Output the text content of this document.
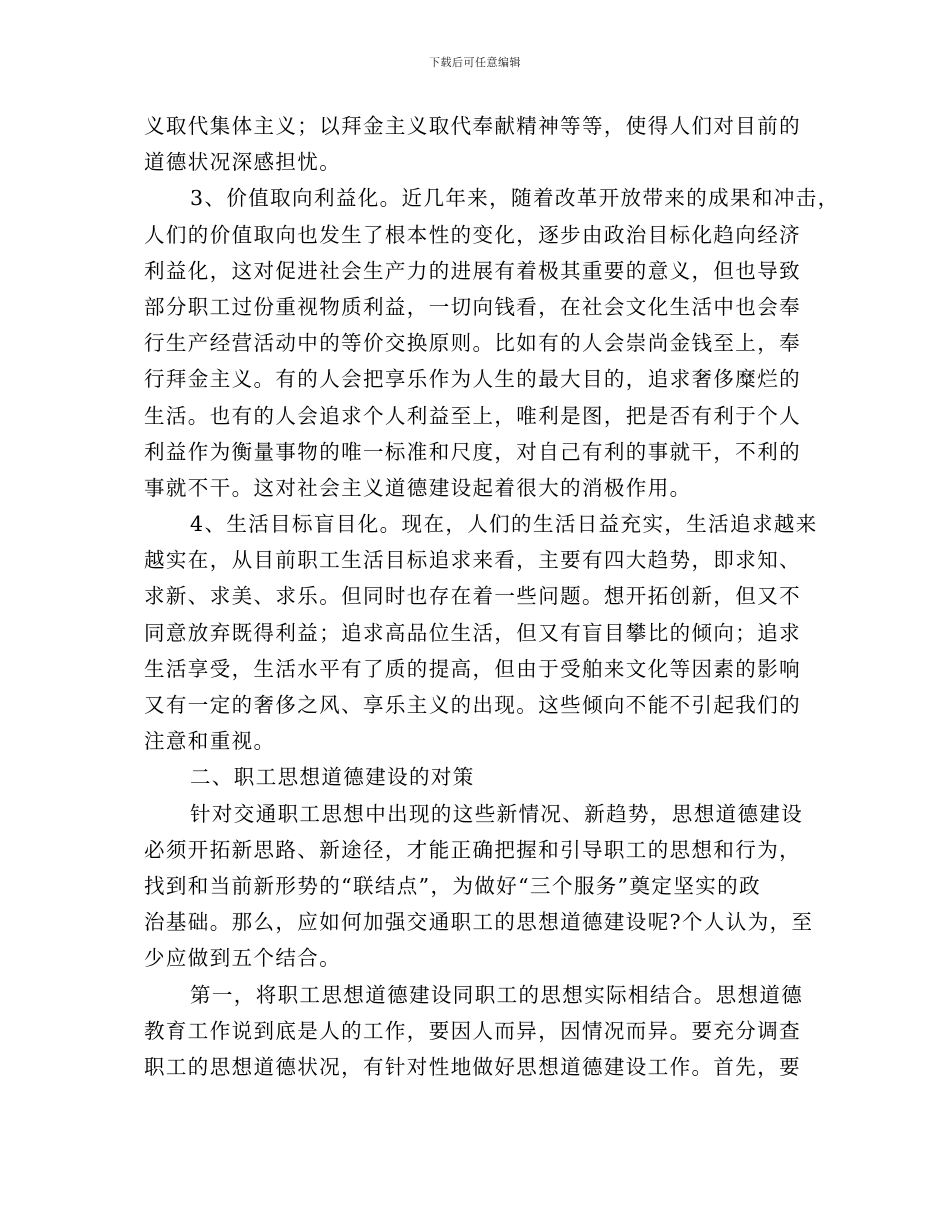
下载后可任意编辑
义取代集体主义；以拜金主义取代奉献精神等等，使得人们对目前的
道德状况深感担忧。
3、价值取向利益化。近几年来，随着改革开放带来的成果和冲击，
人们的价值取向也发生了根本性的变化，逐步由政治目标化趋向经济
利益化，这对促进社会生产力的进展有着极其重要的意义，但也导致
部分职工过份重视物质利益，一切向钱看，在社会文化生活中也会奉
行生产经营活动中的等价交换原则。比如有的人会崇尚金钱至上，奉
行拜金主义。有的人会把享乐作为人生的最大目的，追求奢侈糜烂的
生活。也有的人会追求个人利益至上，唯利是图，把是否有利于个人
利益作为衡量事物的唯一标准和尺度，对自己有利的事就干，不利的
事就不干。这对社会主义道德建设起着很大的消极作用。
4、生活目标盲目化。现在，人们的生活日益充实，生活追求越来
越实在，从目前职工生活目标追求来看，主要有四大趋势，即求知、
求新、求美、求乐。但同时也存在着一些问题。想开拓创新，但又不
同意放弃既得利益；追求高品位生活，但又有盲目攀比的倾向；追求
生活享受，生活水平有了质的提高，但由于受舶来文化等因素的影响
又有一定的奢侈之风、享乐主义的出现。这些倾向不能不引起我们的
注意和重视。
二、职工思想道德建设的对策
针对交通职工思想中出现的这些新情况、新趋势，思想道德建设
必须开拓新思路、新途径，才能正确把握和引导职工的思想和行为，
找到和当前新形势的“联结点”，为做好“三个服务”奠定坚实的政
治基础。那么，应如何加强交通职工的思想道德建设呢?个人认为，至
少应做到五个结合。
第一，将职工思想道德建设同职工的思想实际相结合。思想道德
教育工作说到底是人的工作，要因人而异，因情况而异。要充分调查
职工的思想道德状况，有针对性地做好思想道德建设工作。首先，要
